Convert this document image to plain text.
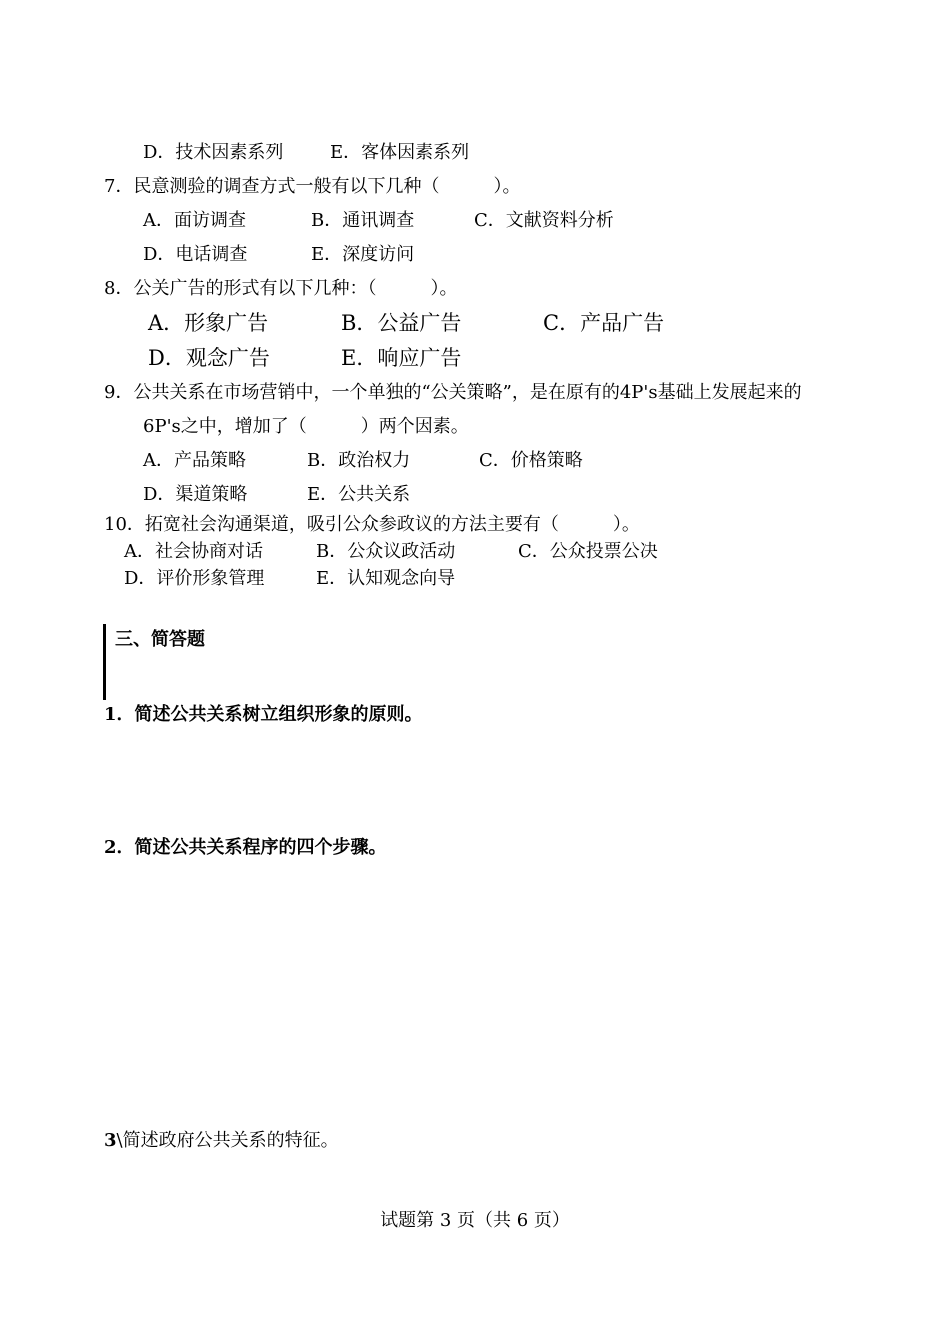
D．技术因素系列	E．客体因素系列
7．民意测验的调查方式一般有以下几种（　　　）。
A．面访调查	B．通讯调查	C．文献资料分析
D．电话调查	E．深度访问
8．公关广告的形式有以下几种：（　　　）。
A．形象广告	B．公益广告	C．产品广告
D．观念广告	E．响应广告
9．公共关系在市场营销中，一个单独的“公关策略”，是在原有的4P's基础上发展起来的
6P's之中，增加了（　　　）两个因素。
A．产品策略	B．政治权力	C．价格策略
D．渠道策略	E．公共关系
10．拓宽社会沟通渠道，吸引公众参政议的方法主要有（　　　）。
A．社会协商对话	B．公众议政活动	C．公众投票公决
D．评价形象管理	E．认知观念向导
三、简答题
1．简述公共关系树立组织形象的原则。
2．简述公共关系程序的四个步骤。
3\简述政府公共关系的特征。
试题第 3 页（共 6 页）
